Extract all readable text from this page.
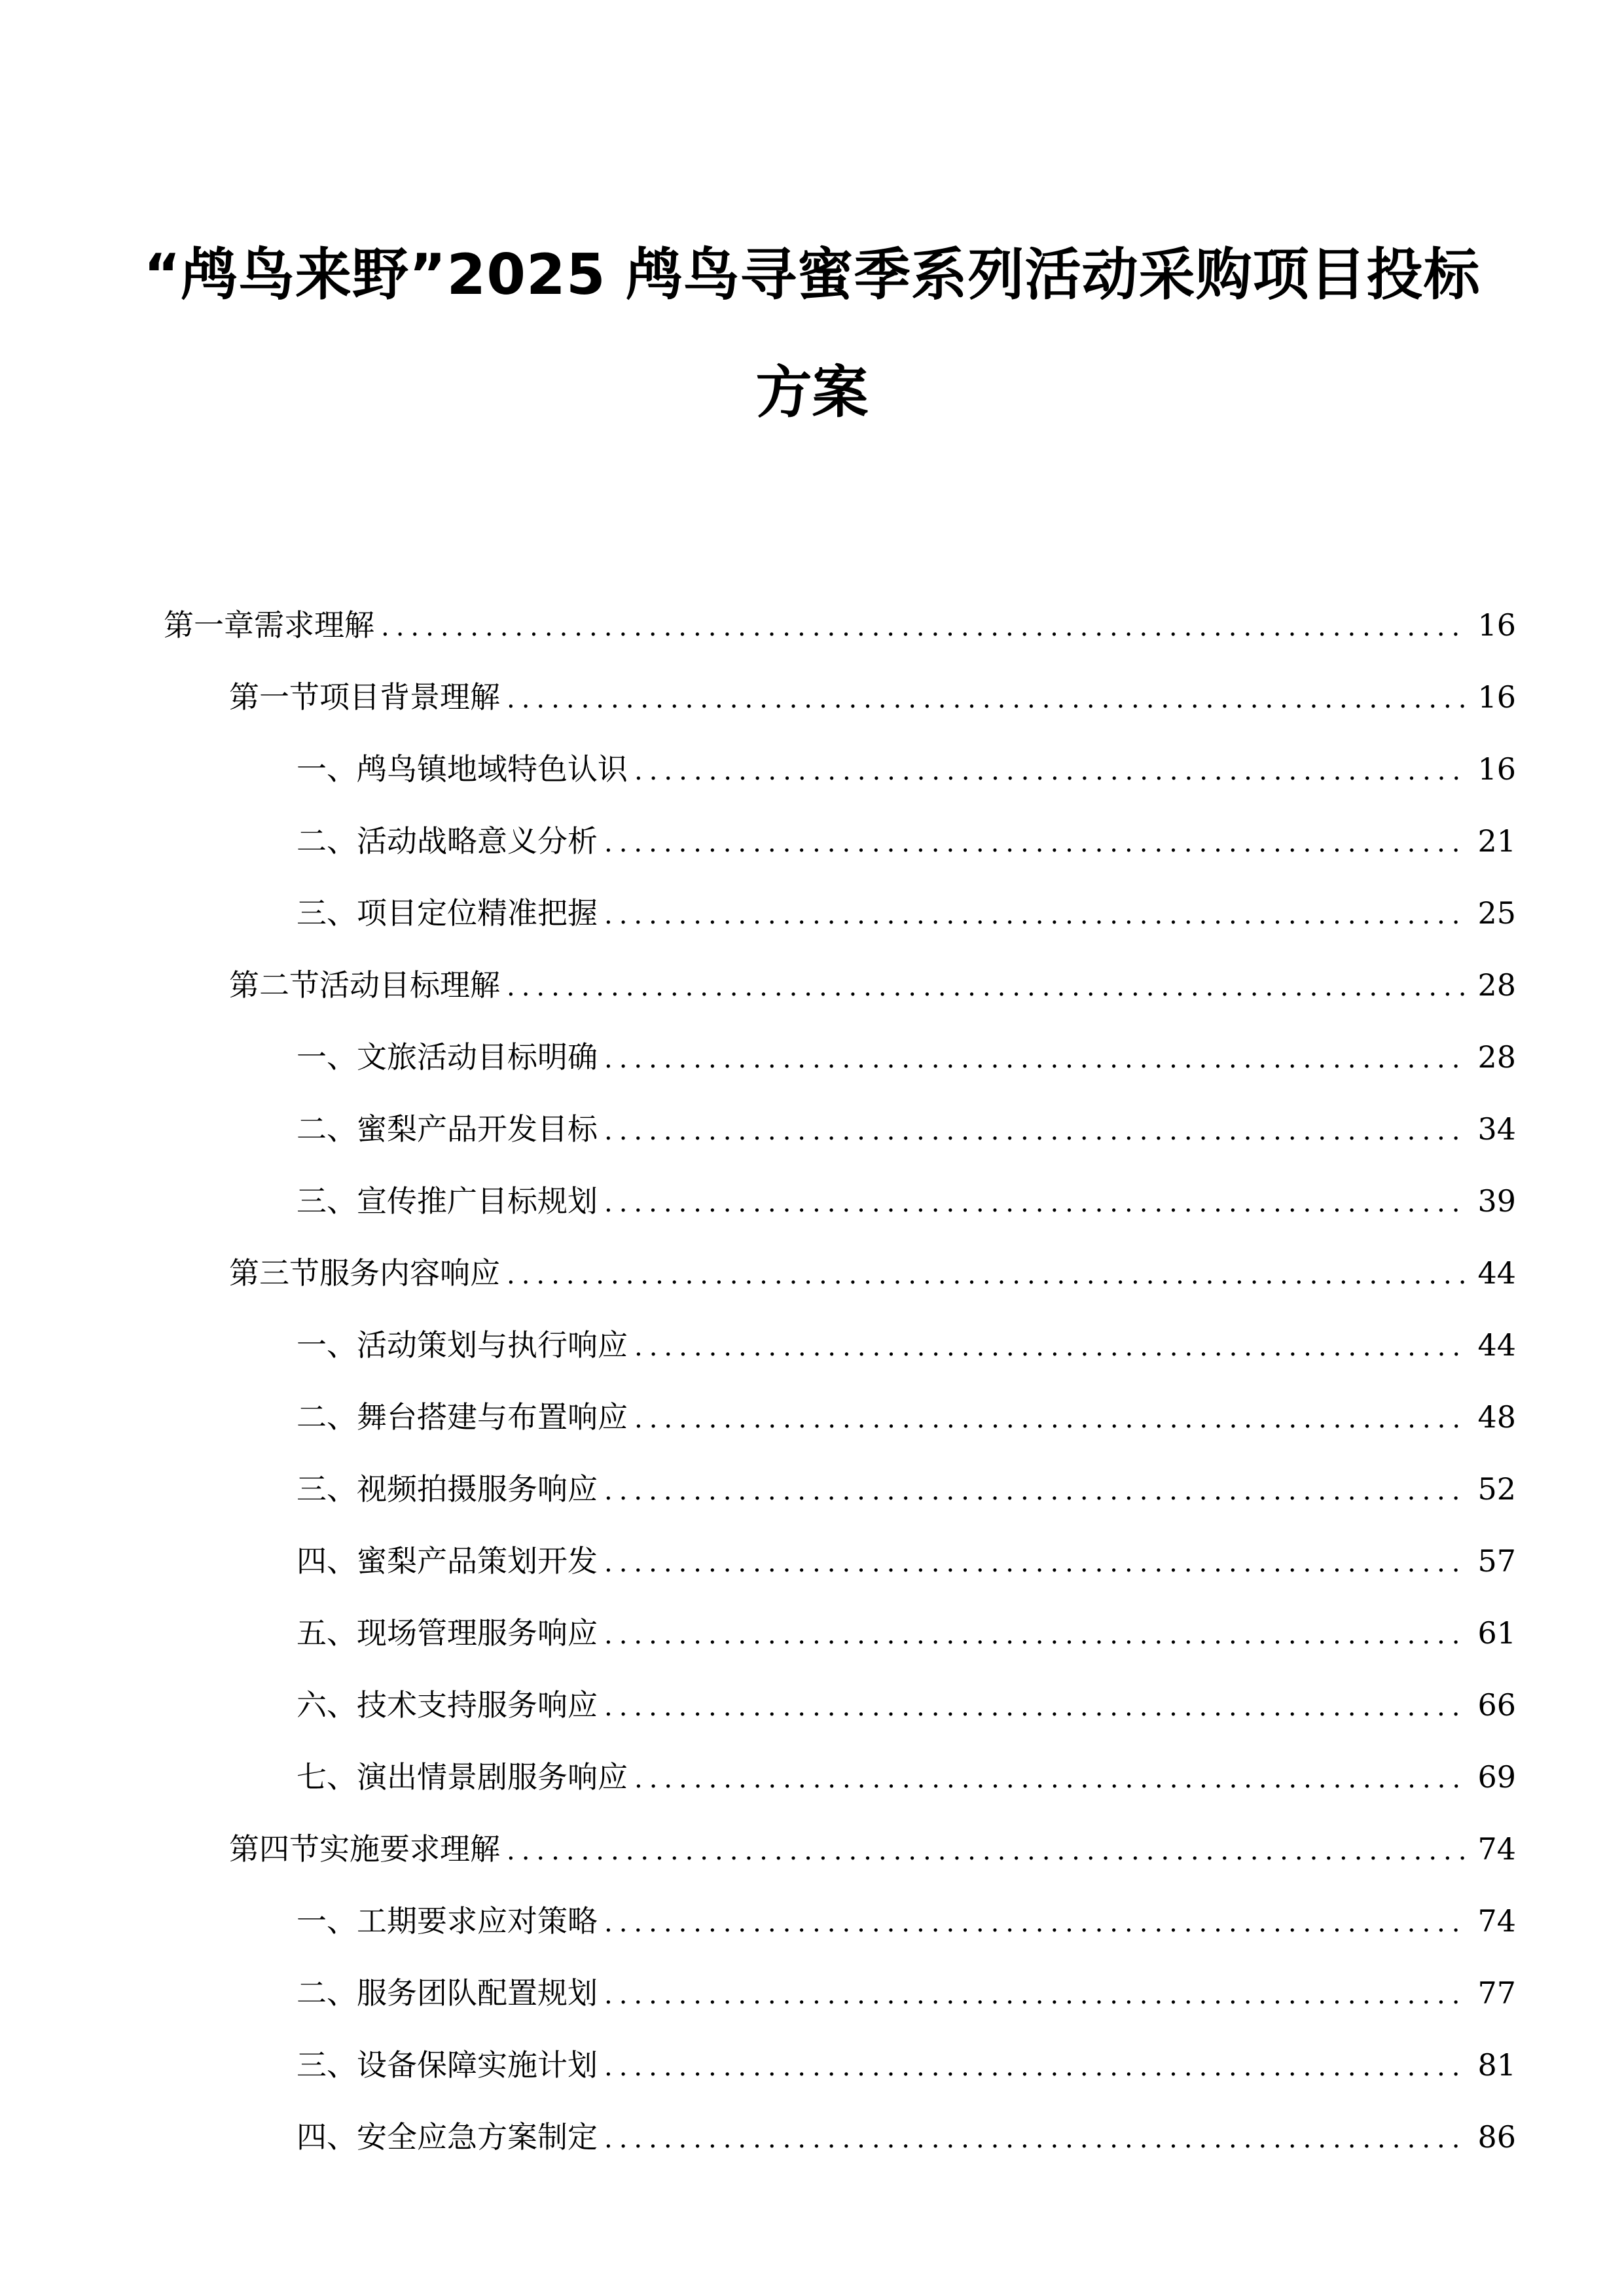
“鸬鸟来野”2025 鸬鸟寻蜜季系列活动采购项目投标
方案
第一章 需求理解 .....	16
第一节 项目背景理解 .....	16
一、 鸬鸟镇地域特色认识 .....	16
二、 活动战略意义分析 .....	21
三、 项目定位精准把握 .....	25
第二节 活动目标理解 .....	28
一、 文旅活动目标明确 .....	28
二、 蜜梨产品开发目标 .....	34
三、 宣传推广目标规划 .....	39
第三节 服务内容响应 .....	44
一、 活动策划与执行响应 .....	44
二、 舞台搭建与布置响应 .....	48
三、 视频拍摄服务响应 .....	52
四、 蜜梨产品策划开发 .....	57
五、 现场管理服务响应 .....	61
六、 技术支持服务响应 .....	66
七、 演出情景剧服务响应 .....	69
第四节 实施要求理解 .....	74
一、 工期要求应对策略 .....	74
二、 服务团队配置规划 .....	77
三、 设备保障实施计划 .....	81
四、 安全应急方案制定 .....	86
